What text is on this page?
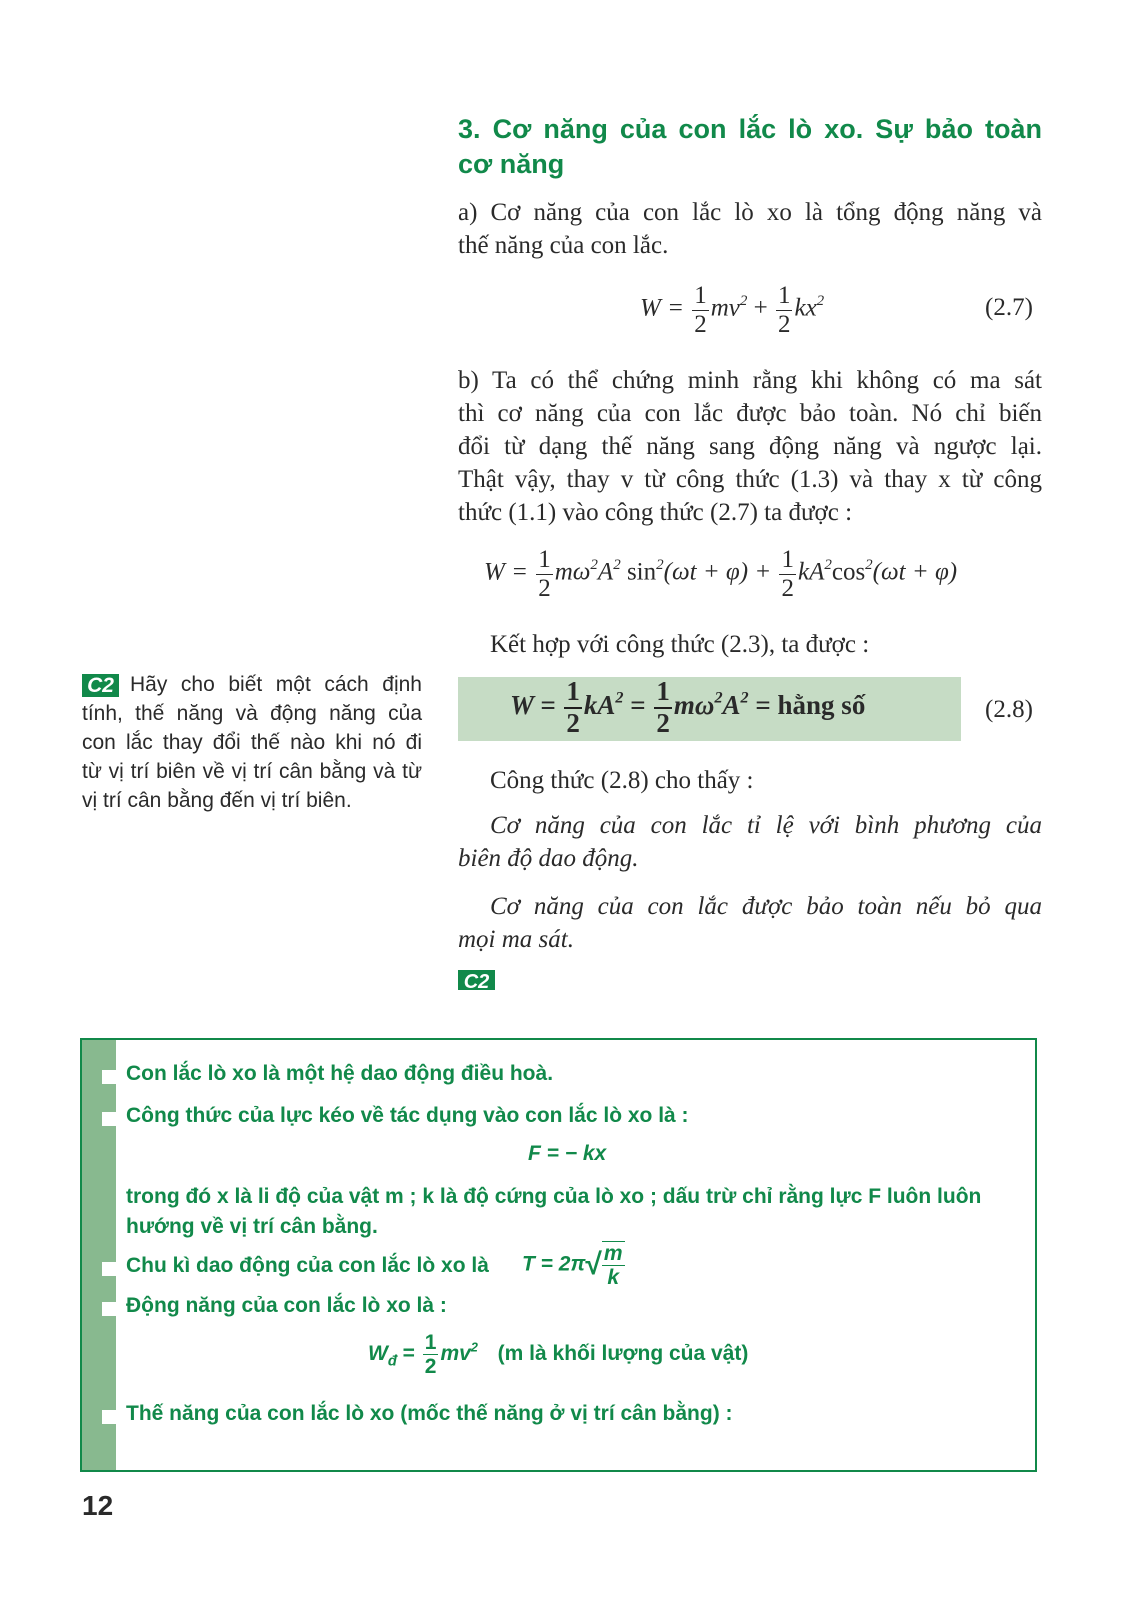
3. Cơ năng của con lắc lò xo. Sự bảo toàn
cơ năng
a) Cơ năng của con lắc lò xo là tổng động năng và
thế năng của con lắc.
$W = \frac{1}{2} mv^2 + \frac{1}{2} kx^2$	(2.7)
b) Ta có thể chứng minh rằng khi không có ma sát
thì cơ năng của con lắc được bảo toàn. Nó chỉ biến
đổi từ dạng thế năng sang động năng và ngược lại.
Thật vậy, thay v từ công thức (1.3) và thay x từ công
thức (1.1) vào công thức (2.7) ta được :
$W = \frac{1}{2} m\omega^2A^2$ $\sin^2(\omega t + \varphi) + \frac{1}{2} kA^2\cos^2(\omega t + \varphi)$
Kết hợp với công thức (2.3), ta được :
Hãy cho biết một cách định
tính, thế năng và động năng của
con lắc thay đổi thế nào khi nó đi
từ vị trí biên về vị trí cân bằng và từ
vị trí cân bằng đến vị trí biên.
C2
$W = \frac{1}{2} kA^2 = \frac{1}{2} m\omega^2A^2$ = hằng số	(2.8)
Công thức (2.8) cho thấy :
Cơ năng của con lắc tỉ lệ với bình phương của
biên độ dao động.
Cơ năng của con lắc được bảo toàn nếu bỏ qua
mọi ma sát.
C2
Con lắc lò xo là một hệ dao động điều hoà.
Công thức của lực kéo về tác dụng vào con lắc lò xo là :
F = − kx
trong đó x là li độ của vật m ; k là độ cứng của lò xo ; dấu trừ chỉ rằng lực F luôn luôn
hướng về vị trí cân bằng.
Chu kì dao động của con lắc lò xo là $T = 2\pi√ \frac{m}{k}$
Động năng của con lắc lò xo là :
$W_đ = \frac{1}{2} mv^2$ (m là khối lượng của vật)
Thế năng của con lắc lò xo (mốc thế năng ở vị trí cân bằng) :
12
